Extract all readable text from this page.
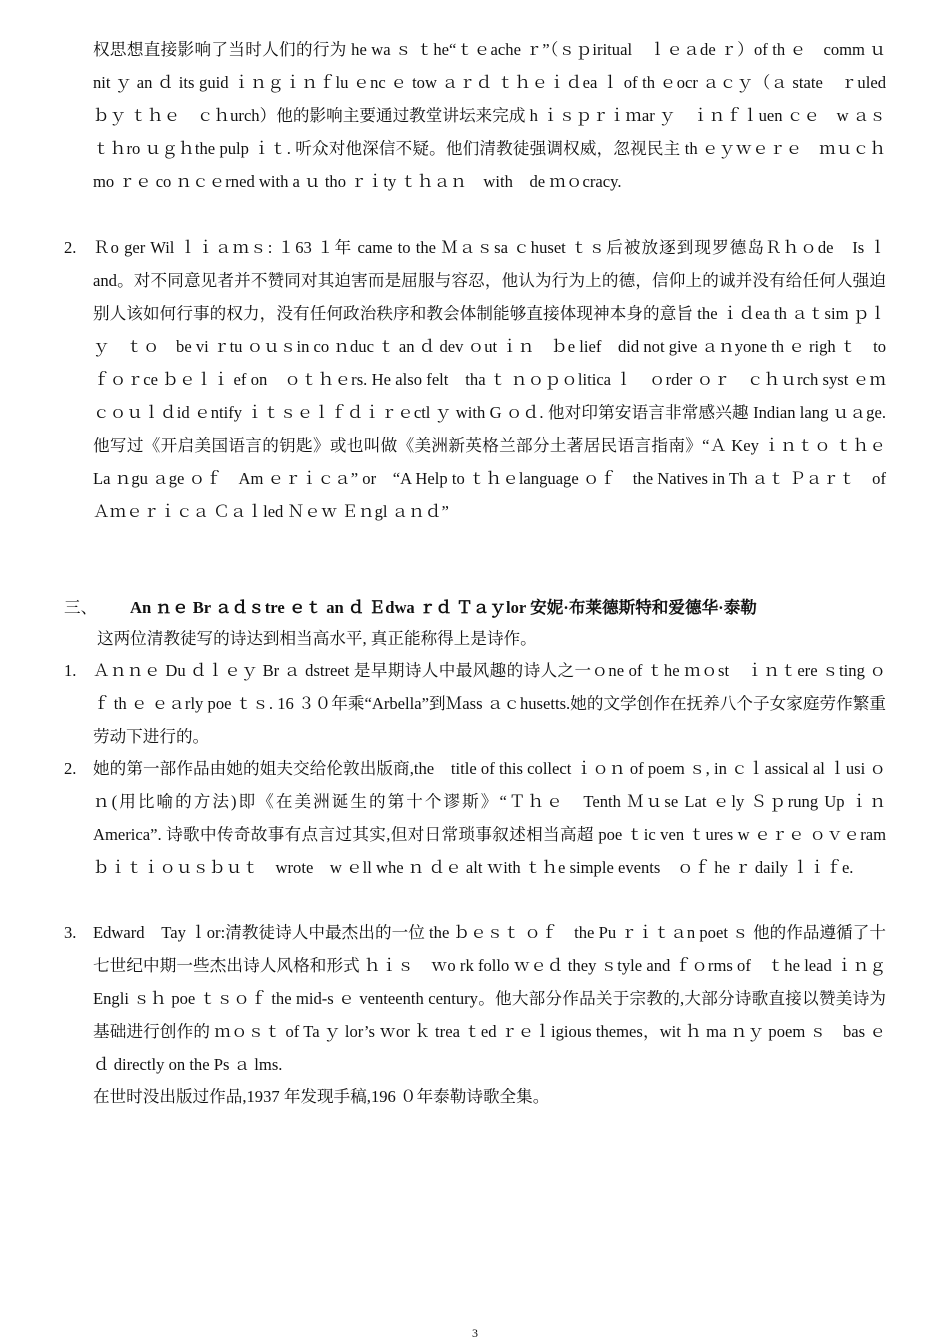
权思想直接影响了当时人们的行为 he wa ｓ ｔhe“ｔｅache ｒ”（ｓｐiritual　ｌｅａde ｒ）of th ｅ　comm ｕnit ｙ an ｄ its guid ｉｎｇｉｎｆlu ｅnc ｅ tow ａｒｄ ｔｈｅｉｄea ｌ of th ｅocr ａｃｙ（ａ state　ｒuled　ｂｙ ｔｈｅ　ｃｈurch）他的影响主要通过教堂讲坛来完成 h ｉｓｐｒｉｍar ｙ　ｉｎｆｌuen ｃｅ　w ａｓｔｈro ｕｇｈthe pulp ｉｔ. 听众对他深信不疑。他们清教徒强调权威，忽视民主 th ｅｙｗｅｒｅ　ｍｕｃｈmo ｒｅ co ｎｃｅrned with a ｕ tho ｒｉty ｔｈａｎ　with　de ｍｏcracy.

2. Ｒo ger Wil ｌｉａｍｓ: １63 １年 came to the Ｍａｓsa ｃhuset ｔｓ后被放逐到现罗德岛Ｒｈｏde　Is ｌ and。对不同意见者并不赞同对其迫害而是屈服与容忍，他认为行为上的德，信仰上的诚并没有给任何人强迫别人该如何行事的权力，没有任何政治秩序和教会体制能够直接体现神本身的意旨 the ｉｄea th ａｔsim ｐｌｙ　ｔｏ　be vi ｒtu ｏｕｓin co ｎduc ｔ an ｄ dev ｏut ｉｎ　ｂe lief　did not give ａｎyone th ｅ righ ｔ　to ｆｏｒce ｂｅｌｉ ef on　ｏｔｈｅrs. He also felt　tha ｔ ｎｏｐｏlitica ｌ　ｏrder ｏｒ　ｃｈｕrch syst ｅｍ ｃｏｕｌｄid ｅntify ｉｔｓｅｌｆｄｉｒｅctl ｙ with G ｏｄ. 他对印第安语言非常感兴趣 Indian lang ｕａge.他写过《开启美国语言的钥匙》或也叫做《美洲新英格兰部分土著居民语言指南》“Ａ Key ｉｎｔｏ ｔｈｅLa ｎgu ａge ｏｆ　Am ｅｒｉｃａ” or　“A Help to ｔｈｅlanguage ｏｆ　the Natives in Th ａｔ Ｐａｒｔ　of Ａｍｅｒｉｃａ Ｃａｌled Ｎｅｗ Ｅｎgl ａｎｄ”

三、 An ｎｅ Br ａｄｓtre ｅｔ an ｄ Ｅdwa ｒｄ Ｔａｙlor 安妮·布莱德斯特和爱德华·泰勒

这两位清教徒写的诗达到相当高水平, 真正能称得上是诗作。

1. Ａｎｎｅ Du ｄｌｅｙ Br ａ dstreet 是早期诗人中最风趣的诗人之一ｏne of ｔhe ｍｏst　ｉｎｔere ｓting ｏｆ th ｅ ｅａrly poe ｔｓ. 16 ３０年乘“Arbella”到Ｍass ａｃhusetts.她的文学创作在抚养八个子女家庭劳作繁重劳动下进行的。

2. 她的第一部作品由她的姐夫交给伦敦出版商,the　title of this collect ｉｏｎ of poem ｓ, in ｃｌassical al ｌusi ｏｎ(用比喻的方法)即《在美洲诞生的第十个谬斯》“Ｔｈｅ　Tenth Ｍｕse Lat ｅly Ｓｐrung Up ｉｎ　America”. 诗歌中传奇故事有点言过其实,但对日常琐事叙述相当高超 poe ｔic ven ｔures w ｅｒｅ ｏｖｅram ｂｉｔｉｏｕｓｂｕｔ　wrote　w ｅll whe ｎ ｄｅ alt ｗith ｔｈe simple events　ｏｆ he ｒ daily ｌｉｆe.

3. Edward　Tay ｌor:清教徒诗人中最杰出的一位 the ｂｅｓｔ ｏｆ　the Pu ｒｉｔａn poet ｓ 他的作品遵循了十七世纪中期一些杰出诗人风格和形式 ｈｉｓ　ｗo rk follo ｗｅｄ they ｓtyle and ｆｏrms of　ｔhe lead ｉｎｇ Engli ｓｈ poe ｔｓｏｆ the mid-s ｅ venteenth century。他大部分作品关于宗教的,大部分诗歌直接以赞美诗为基础进行创作的 ｍｏｓｔ of Ta ｙ lor’s ｗor ｋ trea ｔed ｒｅｌigious themes，wit ｈ ma ｎｙ poem ｓ　bas ｅｄ directly on the Ps ａ lms.

在世时没出版过作品,1937 年发现手稿,196 ０年泰勒诗歌全集。

3
